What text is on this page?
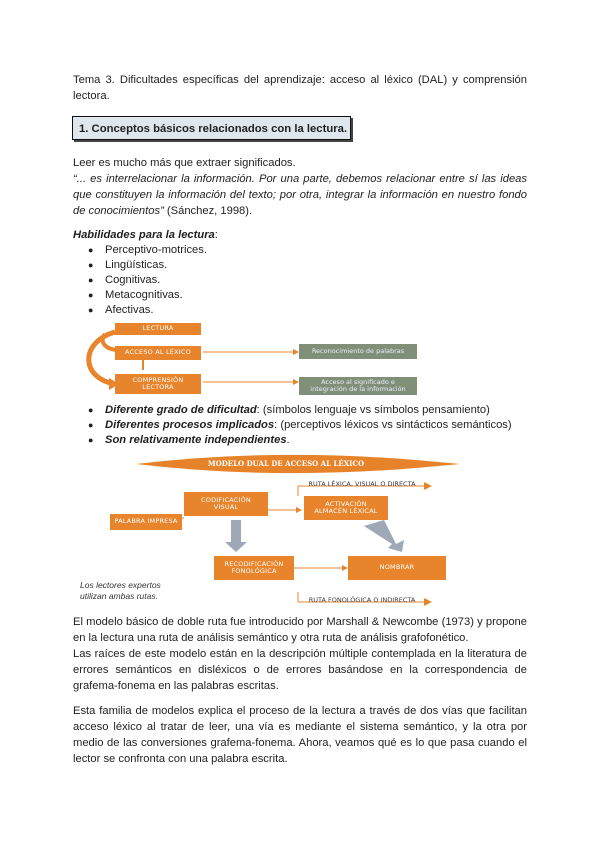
Tema 3. Dificultades específicas del aprendizaje: acceso al léxico (DAL) y comprensión
lectora.
1. Conceptos básicos relacionados con la lectura.
Leer es mucho más que extraer significados.
“... es interrelacionar la información. Por una parte, debemos relacionar entre sí las ideas que constituyen la información del texto; por otra, integrar la información en nuestro fondo de conocimientos” (Sánchez, 1998).
Habilidades para la lectura:
● Perceptivo-motrices.
● Lingüísticas.
● Cognitivas.
● Metacognitivas.
● Afectivas.
LECTURA
ACCESO AL LÉXICO
COMPRENSIÓN LECTORA
Reconocimiento de palabras
Acceso al significado e integración de la información
● Diferente grado de dificultad: (símbolos lenguaje vs símbolos pensamiento)
● Diferentes procesos implicados: (perceptivos léxicos vs sintácticos semánticos)
● Son relativamente independientes.
MODELO DUAL DE ACCESO AL LÉXICO
RUTA LÉXICA, VISUAL O DIRECTA
CODIFICACIÓN VISUAL	ACTIVACIÓN ALMACÉN LÉXICAL
PALABRA IMPRESA
RECODIFICACIÓN FONOLÓGICA	NOMBRAR
RUTA FONOLÓGICA O INDIRECTA
Los lectores expertos
utilizan ambas rutas.
El modelo básico de doble ruta fue introducido por Marshall & Newcombe (1973) y propone en la lectura una ruta de análisis semántico y otra ruta de análisis grafofonético.
Las raíces de este modelo están en la descripción múltiple contemplada en la literatura de errores semánticos en disléxicos o de errores basándose en la correspondencia de grafema-fonema en las palabras escritas.
Esta familia de modelos explica el proceso de la lectura a través de dos vías que facilitan acceso léxico al tratar de leer, una vía es mediante el sistema semántico, y la otra por medio de las conversiones grafema-fonema. Ahora, veamos qué es lo que pasa cuando el lector se confronta con una palabra escrita.
